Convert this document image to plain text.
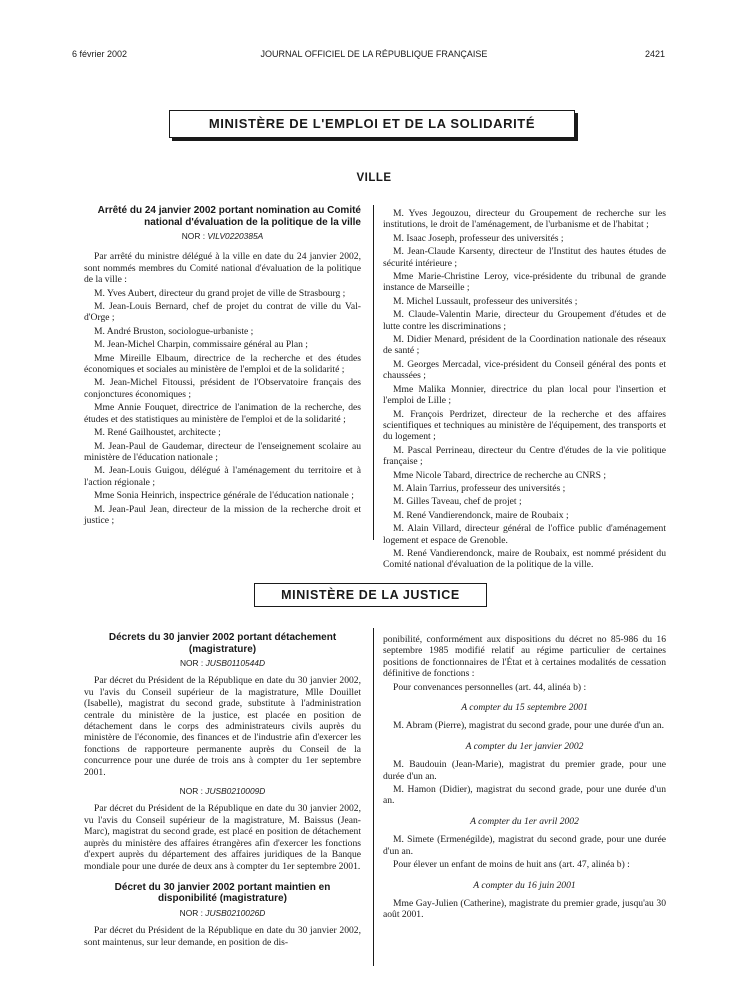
6 février 2002	JOURNAL OFFICIEL DE LA RÉPUBLIQUE FRANÇAISE	2421
MINISTÈRE DE L'EMPLOI ET DE LA SOLIDARITÉ
VILLE
Arrêté du 24 janvier 2002 portant nomination au Comité national d'évaluation de la politique de la ville
NOR : VILV0220385A

Par arrêté du ministre délégué à la ville en date du 24 janvier 2002, sont nommés membres du Comité national d'évaluation de la politique de la ville :

M. Yves Aubert, directeur du grand projet de ville de Strasbourg ;

M. Jean-Louis Bernard, chef de projet du contrat de ville du Val-d'Orge ;

M. André Bruston, sociologue-urbaniste ;

M. Jean-Michel Charpin, commissaire général au Plan ;

Mme Mireille Elbaum, directrice de la recherche et des études économiques et sociales au ministère de l'emploi et de la solidarité ;

M. Jean-Michel Fitoussi, président de l'Observatoire français des conjonctures économiques ;

Mme Annie Fouquet, directrice de l'animation de la recherche, des études et des statistiques au ministère de l'emploi et de la solidarité ;

M. René Gailhoustet, architecte ;

M. Jean-Paul de Gaudemar, directeur de l'enseignement scolaire au ministère de l'éducation nationale ;

M. Jean-Louis Guigou, délégué à l'aménagement du territoire et à l'action régionale ;

Mme Sonia Heinrich, inspectrice générale de l'éducation nationale ;

M. Jean-Paul Jean, directeur de la mission de la recherche droit et justice ;

M. Yves Jegouzou, directeur du Groupement de recherche sur les institutions, le droit de l'aménagement, de l'urbanisme et de l'habitat ;

M. Isaac Joseph, professeur des universités ;

M. Jean-Claude Karsenty, directeur de l'Institut des hautes études de sécurité intérieure ;

Mme Marie-Christine Leroy, vice-présidente du tribunal de grande instance de Marseille ;

M. Michel Lussault, professeur des universités ;

M. Claude-Valentin Marie, directeur du Groupement d'études et de lutte contre les discriminations ;

M. Didier Menard, président de la Coordination nationale des réseaux de santé ;

M. Georges Mercadal, vice-président du Conseil général des ponts et chaussées ;

Mme Malika Monnier, directrice du plan local pour l'insertion et l'emploi de Lille ;

M. François Perdrizet, directeur de la recherche et des affaires scientifiques et techniques au ministère de l'équipement, des transports et du logement ;

M. Pascal Perrineau, directeur du Centre d'études de la vie politique française ;

Mme Nicole Tabard, directrice de recherche au CNRS ;

M. Alain Tarrius, professeur des universités ;

M. Gilles Taveau, chef de projet ;

M. René Vandierendonck, maire de Roubaix ;

M. Alain Villard, directeur général de l'office public d'aménagement logement et espace de Grenoble.

M. René Vandierendonck, maire de Roubaix, est nommé président du Comité national d'évaluation de la politique de la ville.

MINISTÈRE DE LA JUSTICE
Décrets du 30 janvier 2002 portant détachement (magistrature)
NOR : JUSB0110544D

Par décret du Président de la République en date du 30 janvier 2002, vu l'avis du Conseil supérieur de la magistrature, Mlle Douillet (Isabelle), magistrat du second grade, substitute à l'administration centrale du ministère de la justice, est placée en position de détachement dans le corps des administrateurs civils auprès du ministère de l'économie, des finances et de l'industrie afin d'exercer les fonctions de rapporteure permanente auprès du Conseil de la concurrence pour une durée de trois ans à compter du 1er septembre 2001.

NOR : JUSB0210009D

Par décret du Président de la République en date du 30 janvier 2002, vu l'avis du Conseil supérieur de la magistrature, M. Baissus (Jean-Marc), magistrat du second grade, est placé en position de détachement auprès du ministère des affaires étrangères afin d'exercer les fonctions d'expert auprès du département des affaires juridiques de la Banque mondiale pour une durée de deux ans à compter du 1er septembre 2001.

Décret du 30 janvier 2002 portant maintien en disponibilité (magistrature)
NOR : JUSB0210026D

Par décret du Président de la République en date du 30 janvier 2002, sont maintenus, sur leur demande, en position de dis-

ponibilité, conformément aux dispositions du décret no 85-986 du 16 septembre 1985 modifié relatif au régime particulier de certaines positions de fonctionnaires de l'État et à certaines modalités de cessation définitive de fonctions :

Pour convenances personnelles (art. 44, alinéa b) :

A compter du 15 septembre 2001

M. Abram (Pierre), magistrat du second grade, pour une durée d'un an.

A compter du 1er janvier 2002

M. Baudouin (Jean-Marie), magistrat du premier grade, pour une durée d'un an.

M. Hamon (Didier), magistrat du second grade, pour une durée d'un an.

A compter du 1er avril 2002

M. Simete (Ermenégilde), magistrat du second grade, pour une durée d'un an.

Pour élever un enfant de moins de huit ans (art. 47, alinéa b) :

A compter du 16 juin 2001

Mme Gay-Julien (Catherine), magistrate du premier grade, jusqu'au 30 août 2001.
